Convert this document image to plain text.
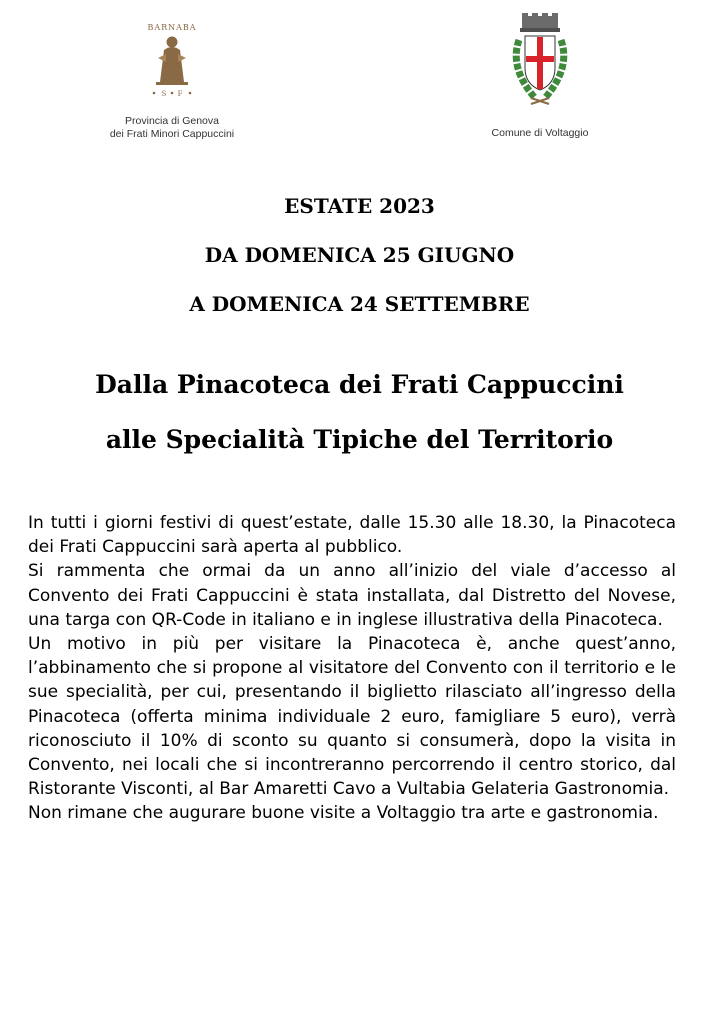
BARNABA
S F
Provincia di Genova
dei Frati Minori Cappuccini	Comune di Voltaggio
ESTATE 2023
DA DOMENICA 25 GIUGNO
A DOMENICA 24 SETTEMBRE
Dalla Pinacoteca dei Frati Cappuccini
alle Specialità Tipiche del Territorio

In tutti i giorni festivi di quest’estate, dalle 15.30 alle 18.30, la Pinacoteca dei Frati Cappuccini sarà aperta al pubblico.

Si rammenta che ormai da un anno all’inizio del viale d’accesso al Convento dei Frati Cappuccini è stata installata, dal Distretto del Novese, una targa con QR-Code in italiano e in inglese illustrativa della Pinacoteca.

Un motivo in più per visitare la Pinacoteca è, anche quest’anno, l’abbinamento che si propone al visitatore del Convento con il territorio e le sue specialità, per cui, presentando il biglietto rilasciato all’ingresso della Pinacoteca (offerta minima individuale 2 euro, famigliare 5 euro), verrà riconosciuto il 10% di sconto su quanto si consumerà, dopo la visita in Convento, nei locali che si incontreranno percorrendo il centro storico, dal Ristorante Visconti, al Bar Amaretti Cavo a Vultabia Gelateria Gastronomia.

Non rimane che augurare buone visite a Voltaggio tra arte e gastronomia.
